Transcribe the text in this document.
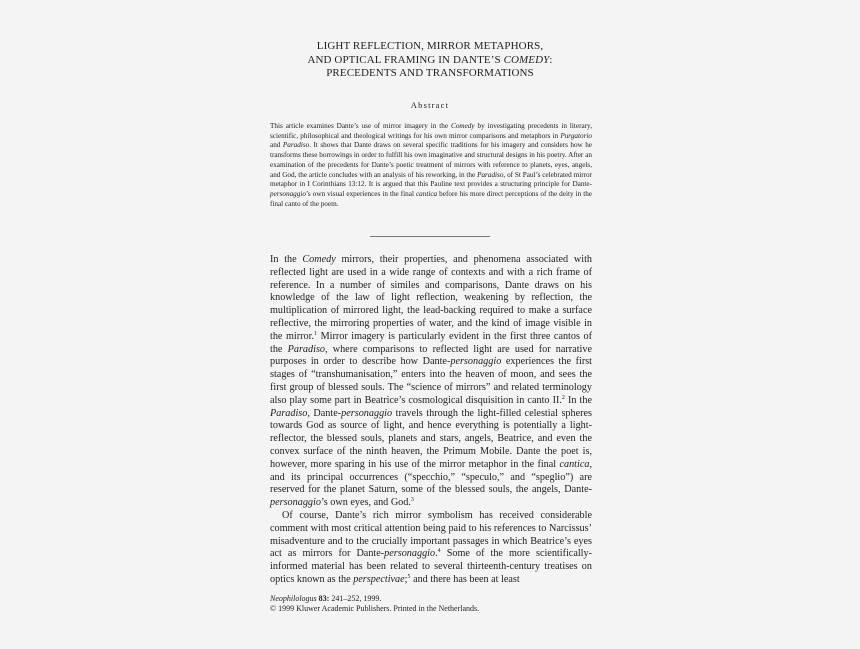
LIGHT REFLECTION, MIRROR METAPHORS,
AND OPTICAL FRAMING IN DANTE’S COMEDY:
PRECEDENTS AND TRANSFORMATIONS
Abstract

This article examines Dante’s use of mirror imagery in the Comedy by investigating precedents in literary, scientific, philosophical and theological writings for his own mirror comparisons and metaphors in Purgatorio and Paradiso. It shows that Dante draws on several specific traditions for his imagery and considers how he transforms these borrowings in order to fulfill his own imaginative and structural designs in his poetry. After an examination of the precedents for Dante’s poetic treatment of mirrors with reference to planets, eyes, angels, and God, the article concludes with an analysis of his reworking, in the Paradiso, of St Paul’s celebrated mirror metaphor in I Corinthians 13:12. It is argued that this Pauline text provides a structuring principle for Dante-personaggio’s own visual experiences in the final cantica before his more direct perceptions of the deity in the final canto of the poem.

In the Comedy mirrors, their properties, and phenomena associated with reflected light are used in a wide range of contexts and with a rich frame of reference. In a number of similes and comparisons, Dante draws on his knowledge of the law of light reflection, weakening by reflection, the multiplication of mirrored light, the lead-backing required to make a surface reflective, the mirroring properties of water, and the kind of image visible in the mirror.$^1$ Mirror imagery is particularly evident in the first three cantos of the Paradiso, where comparisons to reflected light are used for narrative purposes in order to describe how Dante-personaggio experiences the first stages of “transhumanisation,” enters into the heaven of moon, and sees the first group of blessed souls. The “science of mirrors” and related terminology also play some part in Beatrice’s cosmological disquisition in canto II.$^2$ In the Paradiso, Dante-personaggio travels through the light-filled celestial spheres towards God as source of light, and hence everything is potentially a light-reflector, the blessed souls, planets and stars, angels, Beatrice, and even the convex surface of the ninth heaven, the Primum Mobile. Dante the poet is, however, more sparing in his use of the mirror metaphor in the final cantica, and its principal occurrences (“specchio,” “speculo,” and “speglio”) are reserved for the planet Saturn, some of the blessed souls, the angels, Dante-personaggio’s own eyes, and God.$^3$

Of course, Dante’s rich mirror symbolism has received considerable comment with most critical attention being paid to his references to Narcissus’ misadventure and to the crucially important passages in which Beatrice’s eyes act as mirrors for Dante-personaggio.$^4$ Some of the more scientifically-informed material has been related to several thirteenth-century treatises on optics known as the perspectivae;$^5$ and there has been at least

Neophilologus 83: 241–252, 1999.
© 1999 Kluwer Academic Publishers. Printed in the Netherlands.
